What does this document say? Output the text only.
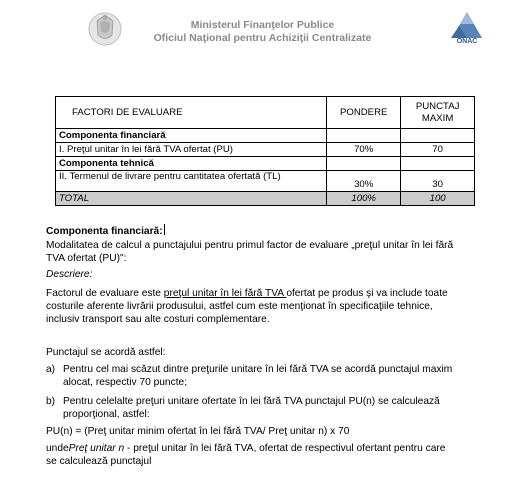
Ministerul Finanţelor Publice
Oficiul Naţional pentru Achiziţii Centralizate	ONAC
FACTORI DE EVALUARE	PONDERE	PUNCTAJ MAXIM
Componenta financiară		
I. Preţul unitar în lei fără TVA ofertat (PU)	70%	70
Componenta tehnică		
II. Termenul de livrare pentru cantitatea ofertată (TL)	30%	30
TOTAL	100%	100
Componenta financiară:
Modalitatea de calcul a punctajului pentru primul factor de evaluare „preţul unitar în lei fără
TVA ofertat (PU)":
Descriere:
Factorul de evaluare este preţul unitar în lei fără TVA ofertat pe produs şi va include toate
costurile aferente livrării produsului, astfel cum este menţionat în specificaţiile tehnice,
inclusiv transport sau alte costuri complementare.
Punctajul se acordă astfel:
a) Pentru cel mai scăzut dintre preţurile unitare în lei fără TVA se acordă punctajul maxim
alocat, respectiv 70 puncte;
b) Pentru celelalte preţuri unitare ofertate în lei fără TVA punctajul PU(n) se calculează
proporţional, astfel:
PU(n) = (Preţ unitar minim ofertat în lei fără TVA/ Preţ unitar n) x 70
undePreţ unitar n - preţul unitar în lei fără TVA, ofertat de respectivul ofertant pentru care
se calculează punctajul
